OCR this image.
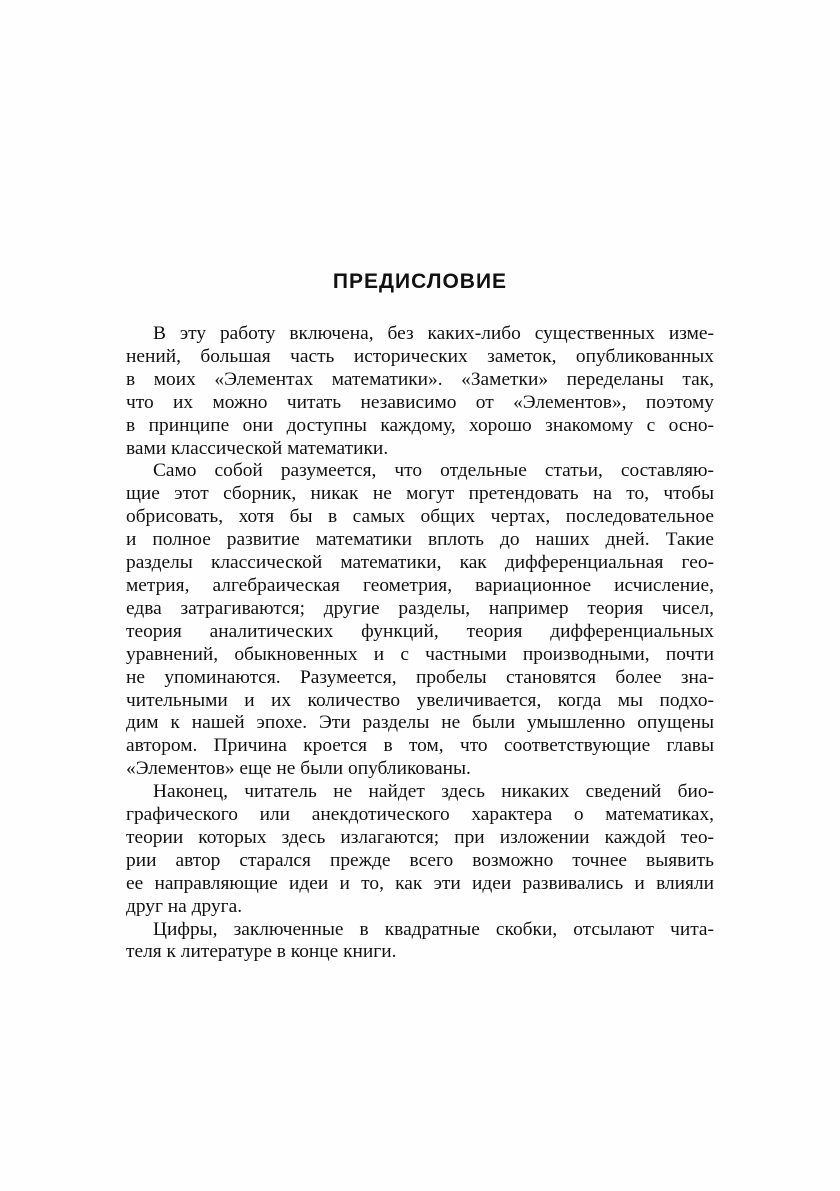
ПРЕДИСЛОВИЕ

В эту работу включена, без каких-либо существенных изме-
нений, большая часть исторических заметок, опубликованных
в моих «Элементах математики». «Заметки» переделаны так,
что их можно читать независимо от «Элементов», поэтому
в принципе они доступны каждому, хорошо знакомому с осно-
вами классической математики.

Само собой разумеется, что отдельные статьи, составляю-
щие этот сборник, никак не могут претендовать на то, чтобы
обрисовать, хотя бы в самых общих чертах, последовательное
и полное развитие математики вплоть до наших дней. Такие
разделы классической математики, как дифференциальная гео-
метрия, алгебраическая геометрия, вариационное исчисление,
едва затрагиваются; другие разделы, например теория чисел,
теория аналитических функций, теория дифференциальных
уравнений, обыкновенных и с частными производными, почти
не упоминаются. Разумеется, пробелы становятся более зна-
чительными и их количество увеличивается, когда мы подхо-
дим к нашей эпохе. Эти разделы не были умышленно опущены
автором. Причина кроется в том, что соответствующие главы
«Элементов» еще не были опубликованы.

Наконец, читатель не найдет здесь никаких сведений био-
графического или анекдотического характера о математиках,
теории которых здесь излагаются; при изложении каждой тео-
рии автор старался прежде всего возможно точнее выявить
ее направляющие идеи и то, как эти идеи развивались и влияли
друг на друга.

Цифры, заключенные в квадратные скобки, отсылают чита-
теля к литературе в конце книги.
